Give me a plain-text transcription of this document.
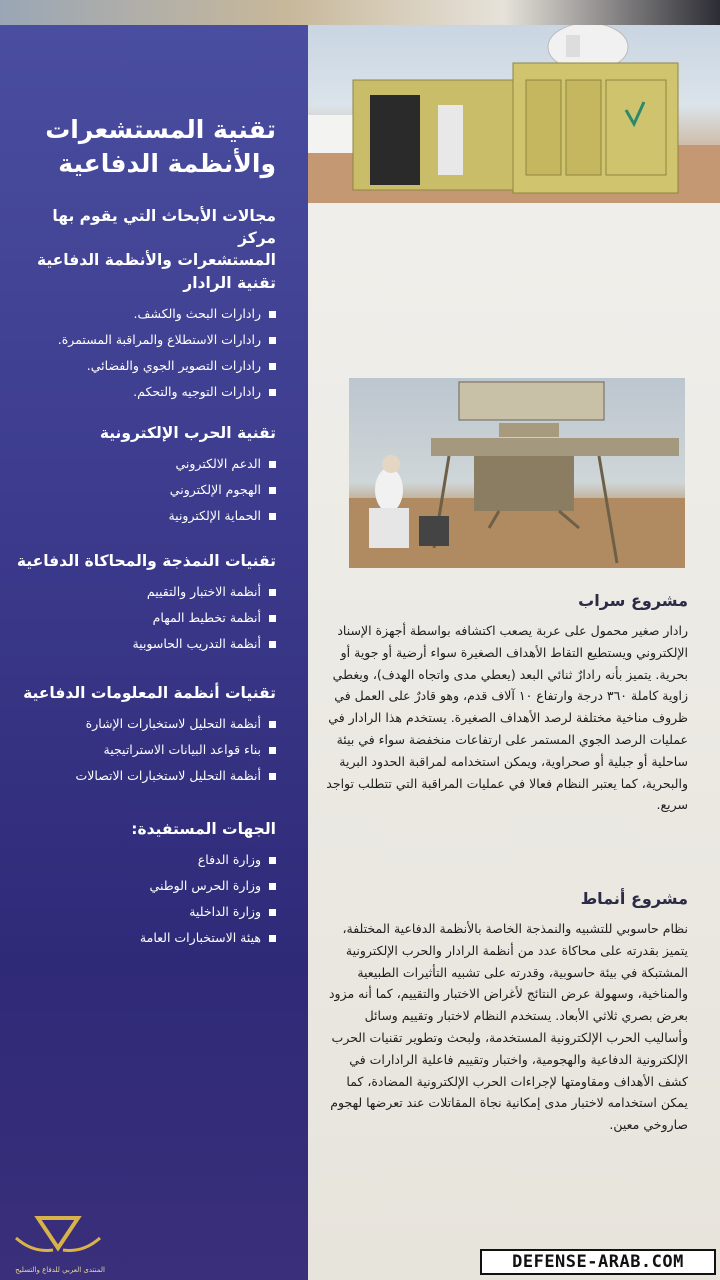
تقنية المستشعرات
والأنظمة الدفاعية
مجالات الأبحاث التي يقوم بها مركز
المستشعرات والأنظمة الدفاعية
تقنية الرادار
رادارات البحث والكشف.
رادارات الاستطلاع والمراقبة المستمرة.
رادارات التصوير الجوي والفضائي.
رادارات التوجيه والتحكم.
تقنية الحرب الإلكترونية
الدعم الالكتروني
الهجوم الإلكتروني
الحماية الإلكترونية
تقنيات النمذجة والمحاكاة الدفاعية
أنظمة الاختبار والتقييم
أنظمة تخطيط المهام
أنظمة التدريب الحاسوبية
تقنيات أنظمة المعلومات الدفاعية
أنظمة التحليل لاستخبارات الإشارة
بناء قواعد البيانات الاستراتيجية
أنظمة التحليل لاستخبارات الاتصالات
الجهات المستفيدة:
وزارة الدفاع
وزارة الحرس الوطني
وزارة الداخلية
هيئة الاستخبارات العامة
المنتدى العربي للدفاع والتسليح
مشروع سراب

رادار صغير محمول على عربة يصعب اكتشافه بواسطة أجهزة الإسناد الإلكتروني ويستطيع التقاط الأهداف الصغيرة سواء أرضية أو جوية أو بحرية. يتميز بأنه رادارٌ ثنائي البعد (يعطي مدى واتجاه الهدف)، ويغطي زاوية كاملة ٣٦٠ درجة وارتفاع ١٠ آلاف قدم، وهو قادرٌ على العمل في ظروف مناخية مختلفة لرصد الأهداف الصغيرة. يستخدم هذا الرادار في عمليات الرصد الجوي المستمر على ارتفاعات منخفضة سواء في بيئة ساحلية أو جبلية أو صحراوية، ويمكن استخدامه لمراقبة الحدود البرية والبحرية، كما يعتبر النظام فعالا في عمليات المراقبة التي تتطلب تواجد سريع.

مشروع أنماط

نظام حاسوبي للتشبيه والنمذجة الخاصة بالأنظمة الدفاعية المختلفة، يتميز بقدرته على محاكاة عدد من أنظمة الرادار والحرب الإلكترونية المشتبكة في بيئة حاسوبية، وقدرته على تشبيه التأثيرات الطبيعية والمناخية، وسهولة عرض النتائج لأغراض الاختبار والتقييم، كما أنه مزود بعرض بصري ثلاثي الأبعاد. يستخدم النظام لاختبار وتقييم وسائل وأساليب الحرب الإلكترونية المستخدمة، ولبحث وتطوير تقنيات الحرب الإلكترونية الدفاعية والهجومية، واختبار وتقييم فاعلية الرادارات في كشف الأهداف ومقاومتها لإجراءات الحرب الإلكترونية المضادة، كما يمكن استخدامه لاختبار مدى إمكانية نجاة المقاتلات عند تعرضها لهجوم صاروخي معين.

DEFENSE-ARAB.COM
